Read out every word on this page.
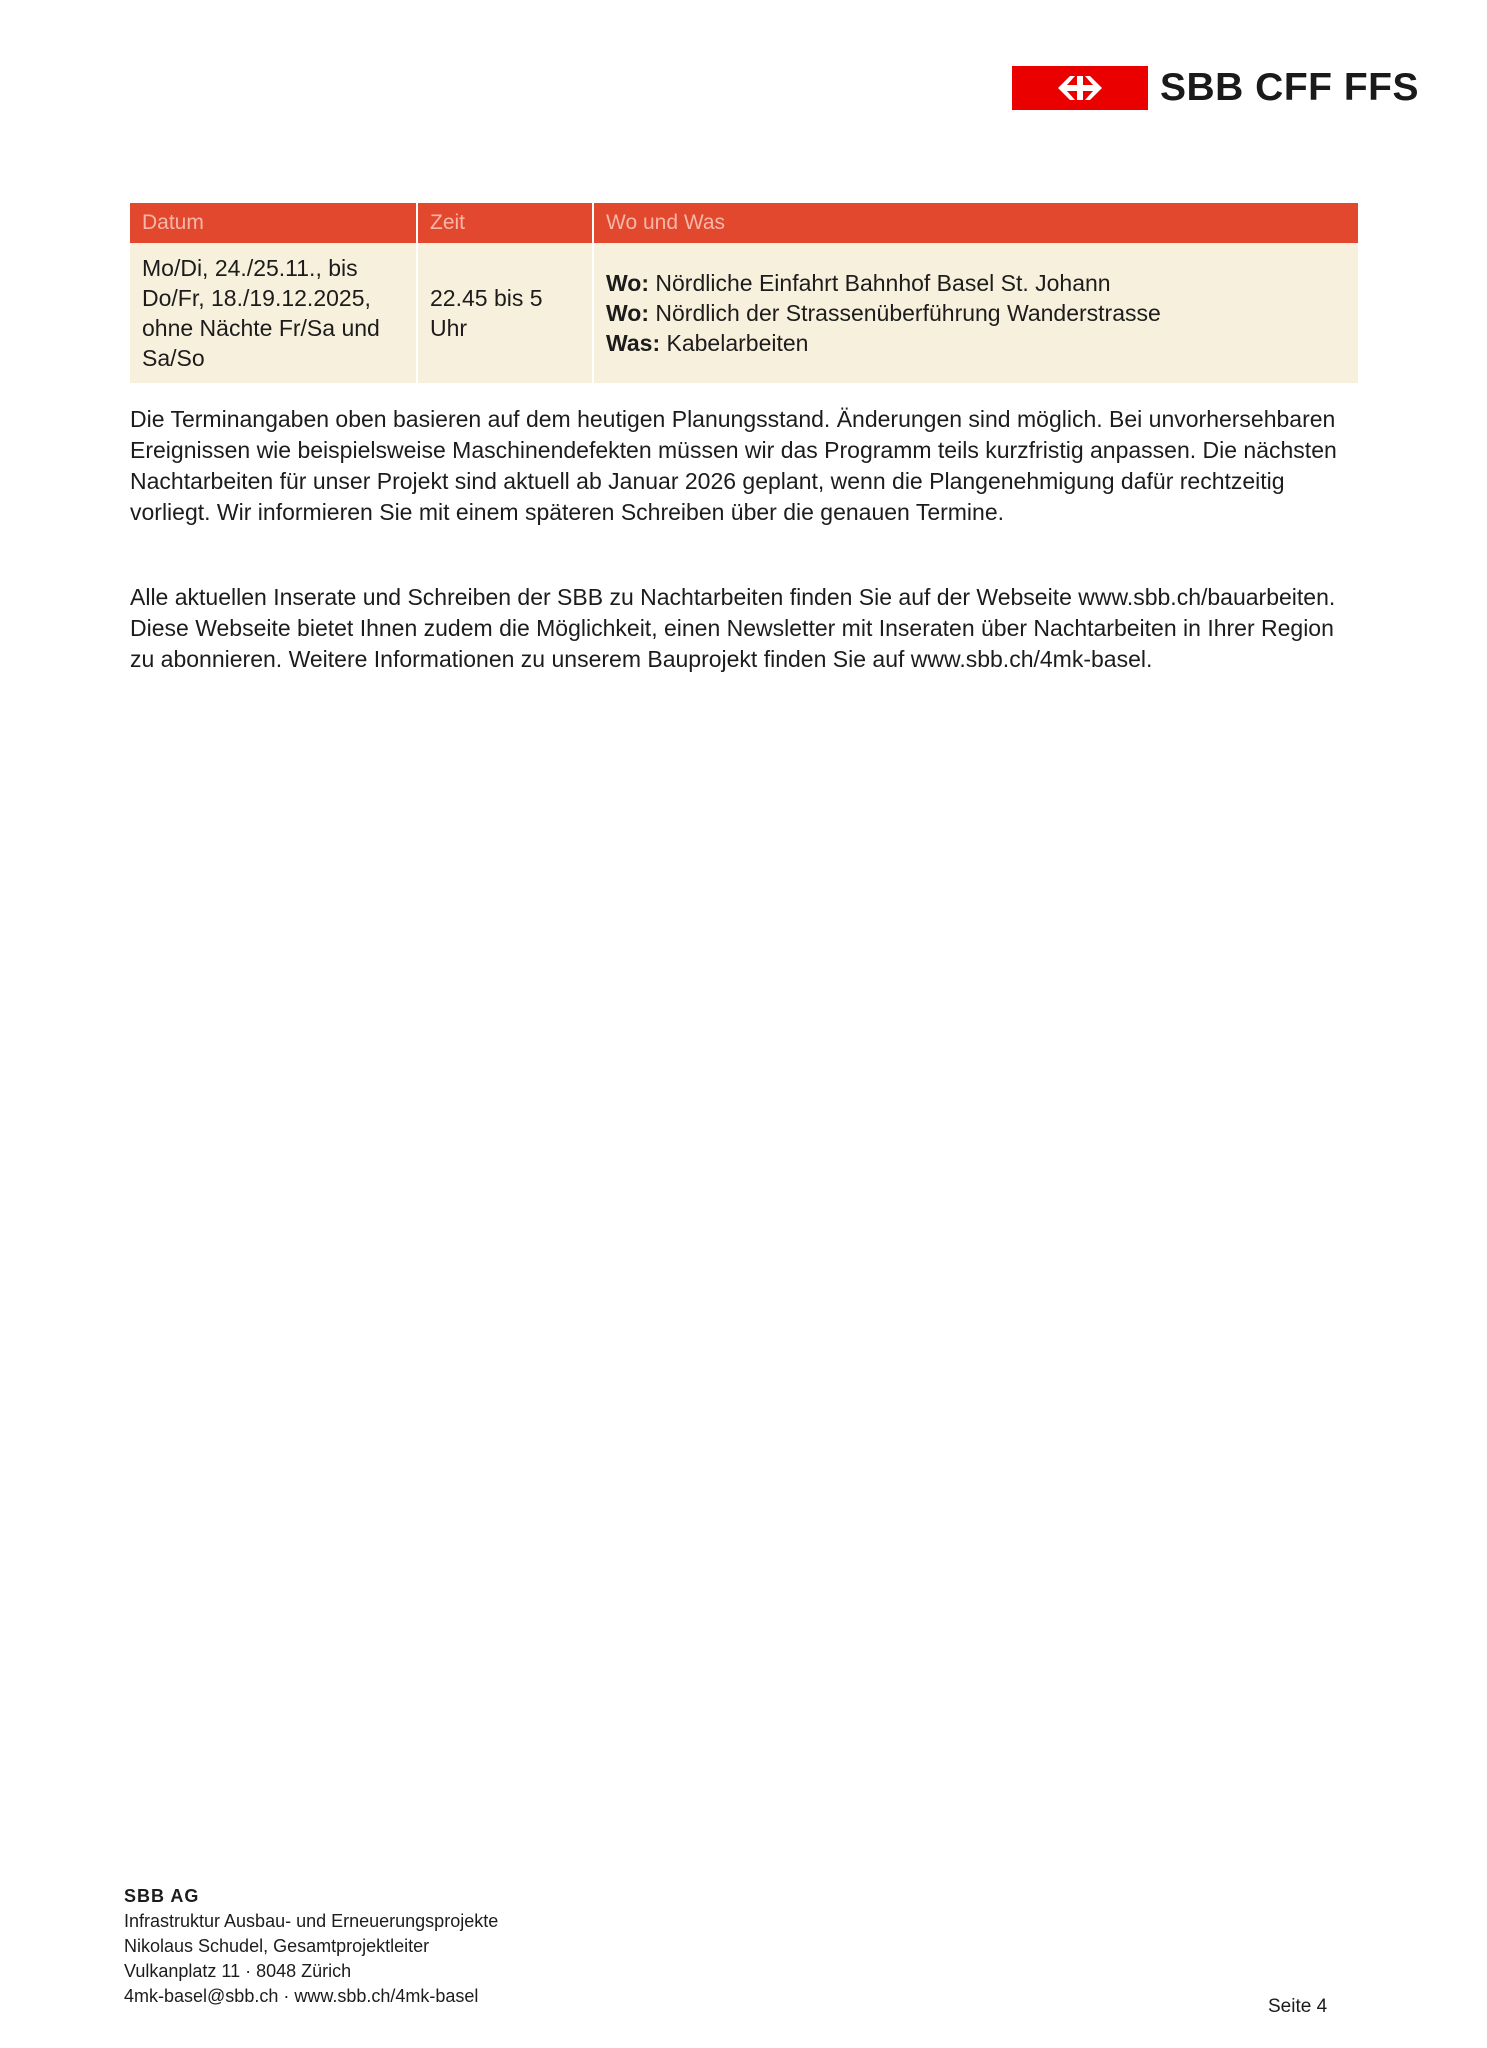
SBB CFF FFS
Datum	Zeit	Wo und Was
Mo/Di, 24./25.11., bis Do/Fr, 18./19.12.2025, ohne Nächte Fr/Sa und Sa/So	22.45 bis 5 Uhr	Wo: Nördliche Einfahrt Bahnhof Basel St. Johann
Wo: Nördlich der Strassenüberführung Wanderstrasse
Was: Kabelarbeiten

Die Terminangaben oben basieren auf dem heutigen Planungsstand. Änderungen sind möglich. Bei unvorhersehbaren Ereignissen wie beispielsweise Maschinendefekten müssen wir das Programm teils kurzfristig anpassen. Die nächsten Nachtarbeiten für unser Projekt sind aktuell ab Januar 2026 geplant, wenn die Plangenehmigung dafür rechtzeitig vorliegt. Wir informieren Sie mit einem späteren Schreiben über die genauen Termine.

Alle aktuellen Inserate und Schreiben der SBB zu Nachtarbeiten finden Sie auf der Webseite www.sbb.ch/bauarbeiten. Diese Webseite bietet Ihnen zudem die Möglichkeit, einen Newsletter mit Inseraten über Nachtarbeiten in Ihrer Region zu abonnieren. Weitere Informationen zu unserem Bauprojekt finden Sie auf www.sbb.ch/4mk-basel.

SBB AG
Infrastruktur Ausbau- und Erneuerungsprojekte
Nikolaus Schudel, Gesamtprojektleiter
Vulkanplatz 11 · 8048 Zürich
4mk-basel@sbb.ch · www.sbb.ch/4mk-basel	Seite 4
